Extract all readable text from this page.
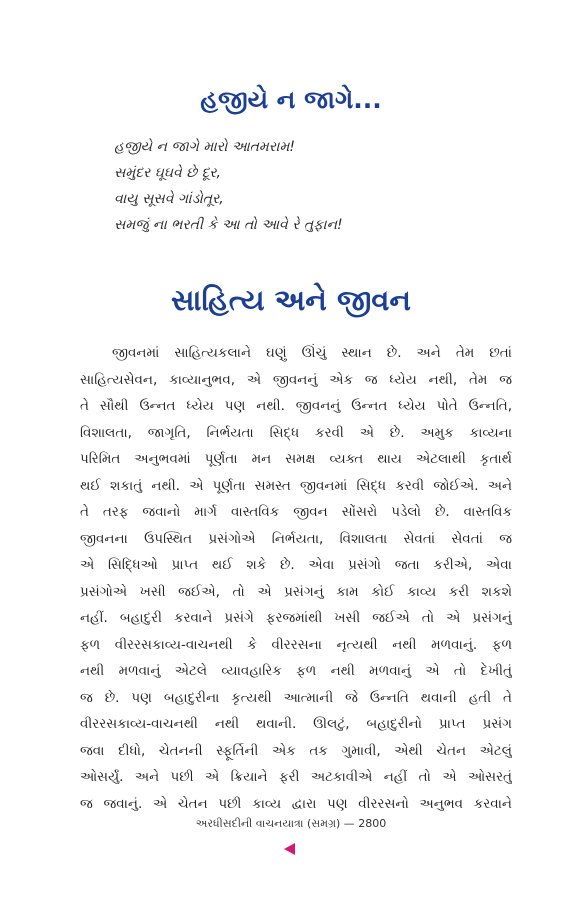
હજીયે ન જાગે...
હજીયે ન જાગે મારો આતમરામ!
સમુંદર ઘૂઘવે છે દૂર,
વાયુ સૂસવે ગાંડોતૂર,
સમજું ના ભરતી કે આ તો આવે રે તુફાન!
સાહિત્ય અને જીવન
જીવનમાં સાહિત્યકલાને ઘણું ઊંચું સ્થાન છે. અને તેમ છતાં
સાહિત્યસેવન, કાવ્યાનુભવ, એ જીવનનું એક જ ધ્યેય નથી, તેમ જ
તે સૌથી ઉન્નત ધ્યેય પણ નથી. જીવનનું ઉન્નત ધ્યેય પોતે ઉન્નતિ,
વિશાલતા, જાગૃતિ, નિર્ભયતા સિદ્ધ કરવી એ છે. અમુક કાવ્યના
પરિમિત અનુભવમાં પૂર્ણતા મન સમક્ષ વ્યક્ત થાય એટલાથી કૃતાર્થ
થઈ શકાતું નથી. એ પૂર્ણતા સમસ્ત જીવનમાં સિદ્ધ કરવી જોઈએ. અને
તે તરફ જવાનો માર્ગ વાસ્તવિક જીવન સોંસરો પડેલો છે. વાસ્તવિક
જીવનના ઉપસ્થિત પ્રસંગોએ નિર્ભયતા, વિશાલતા સેવતાં સેવતાં જ
એ સિદ્ધિઓ પ્રાપ્ત થઈ શકે છે. એવા પ્રસંગો જતા કરીએ, એવા
પ્રસંગોએ ખસી જઈએ, તો એ પ્રસંગનું કામ કોઈ કાવ્ય કરી શકશે
નહીં. બહાદુરી કરવાને પ્રસંગે ફરજમાંથી ખસી જઈએ તો એ પ્રસંગનું
ફળ વીરરસકાવ્ય-વાચનથી કે વીરરસના નૃત્યથી નથી મળવાનું. ફળ
નથી મળવાનું એટલે વ્યાવહારિક ફળ નથી મળવાનું એ તો દેખીતું
જ છે. પણ બહાદુરીના કૃત્યથી આત્માની જે ઉન્નતિ થવાની હતી તે
વીરરસકાવ્ય-વાચનથી નથી થવાની. ઊલટું, બહાદુરીનો પ્રાપ્ત પ્રસંગ
જવા દીધો, ચેતનની સ્ફૂર્તિની એક તક ગુમાવી, એથી ચેતન એટલું
ઓસર્યું. અને પછી એ ક્રિયાને ફરી અટકાવીએ નહીં તો એ ઓસરતું
જ જવાનું. એ ચેતન પછી કાવ્ય દ્વારા પણ વીરરસનો અનુભવ કરવાને
અરધીસદીની વાચનયાત્રા (સમગ્ર) — 2800
